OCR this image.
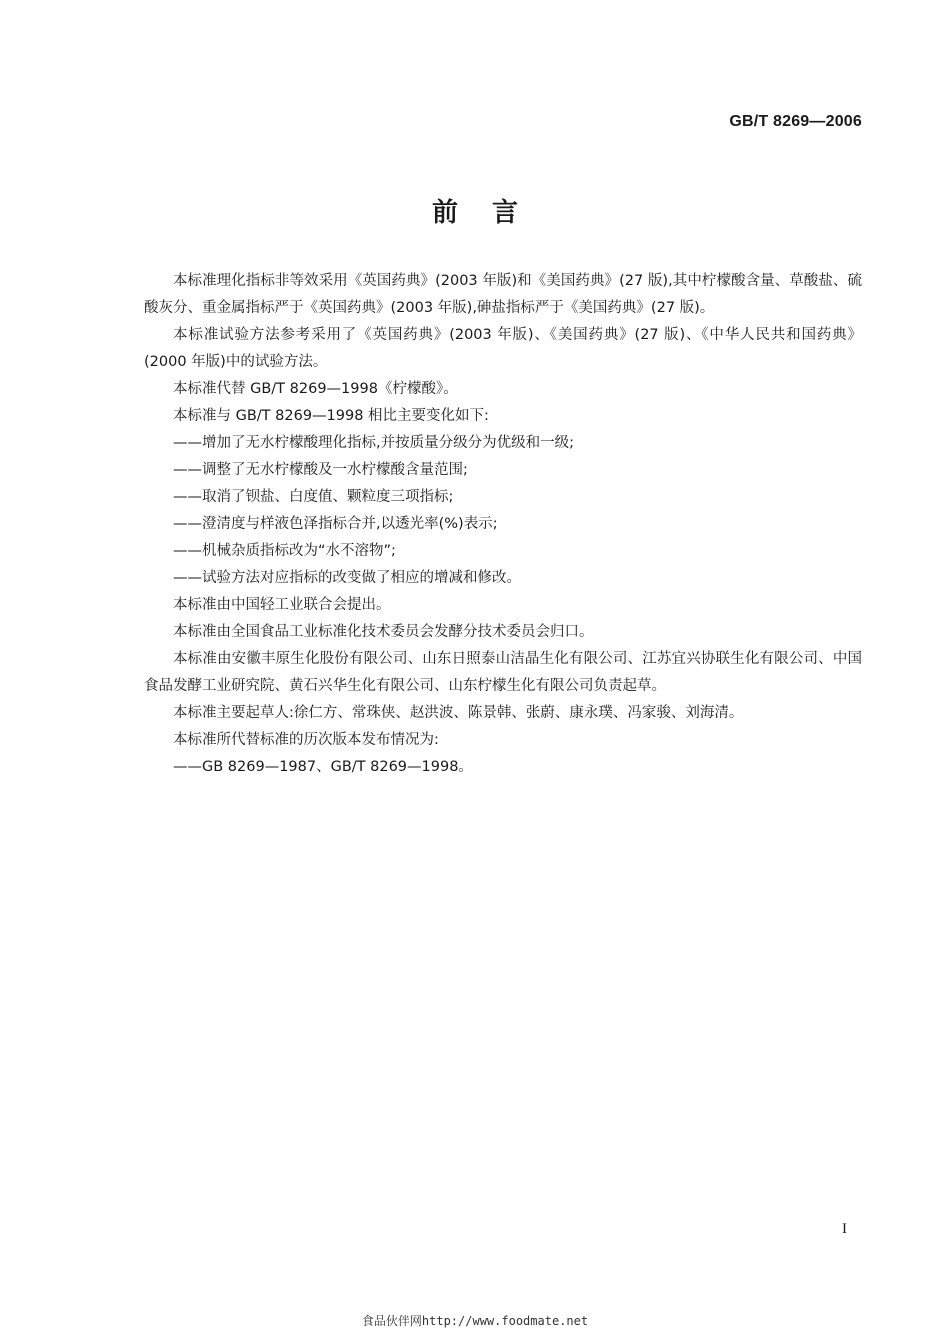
GB/T 8269—2006
前言

本标准理化指标非等效采用《英国药典》(2003 年版)和《美国药典》(27 版),其中柠檬酸含量、草酸盐、硫酸灰分、重金属指标严于《英国药典》(2003 年版),砷盐指标严于《美国药典》(27 版)。

本标准试验方法参考采用了《英国药典》(2003 年版)、《美国药典》(27 版)、《中华人民共和国药典》(2000 年版)中的试验方法。

本标准代替 GB/T 8269—1998《柠檬酸》。

本标准与 GB/T 8269—1998 相比主要变化如下:

——增加了无水柠檬酸理化指标,并按质量分级分为优级和一级;

——调整了无水柠檬酸及一水柠檬酸含量范围;

——取消了钡盐、白度值、颗粒度三项指标;

——澄清度与样液色泽指标合并,以透光率(%)表示;

——机械杂质指标改为“水不溶物”;

——试验方法对应指标的改变做了相应的增减和修改。

本标准由中国轻工业联合会提出。

本标准由全国食品工业标准化技术委员会发酵分技术委员会归口。

本标准由安徽丰原生化股份有限公司、山东日照泰山洁晶生化有限公司、江苏宜兴协联生化有限公司、中国食品发酵工业研究院、黄石兴华生化有限公司、山东柠檬生化有限公司负责起草。

本标准主要起草人:徐仁方、常珠侠、赵洪波、陈景韩、张蔚、康永璞、冯家骏、刘海清。

本标准所代替标准的历次版本发布情况为:

——GB 8269—1987、GB/T 8269—1998。

I
食品伙伴网http://www.foodmate.net
